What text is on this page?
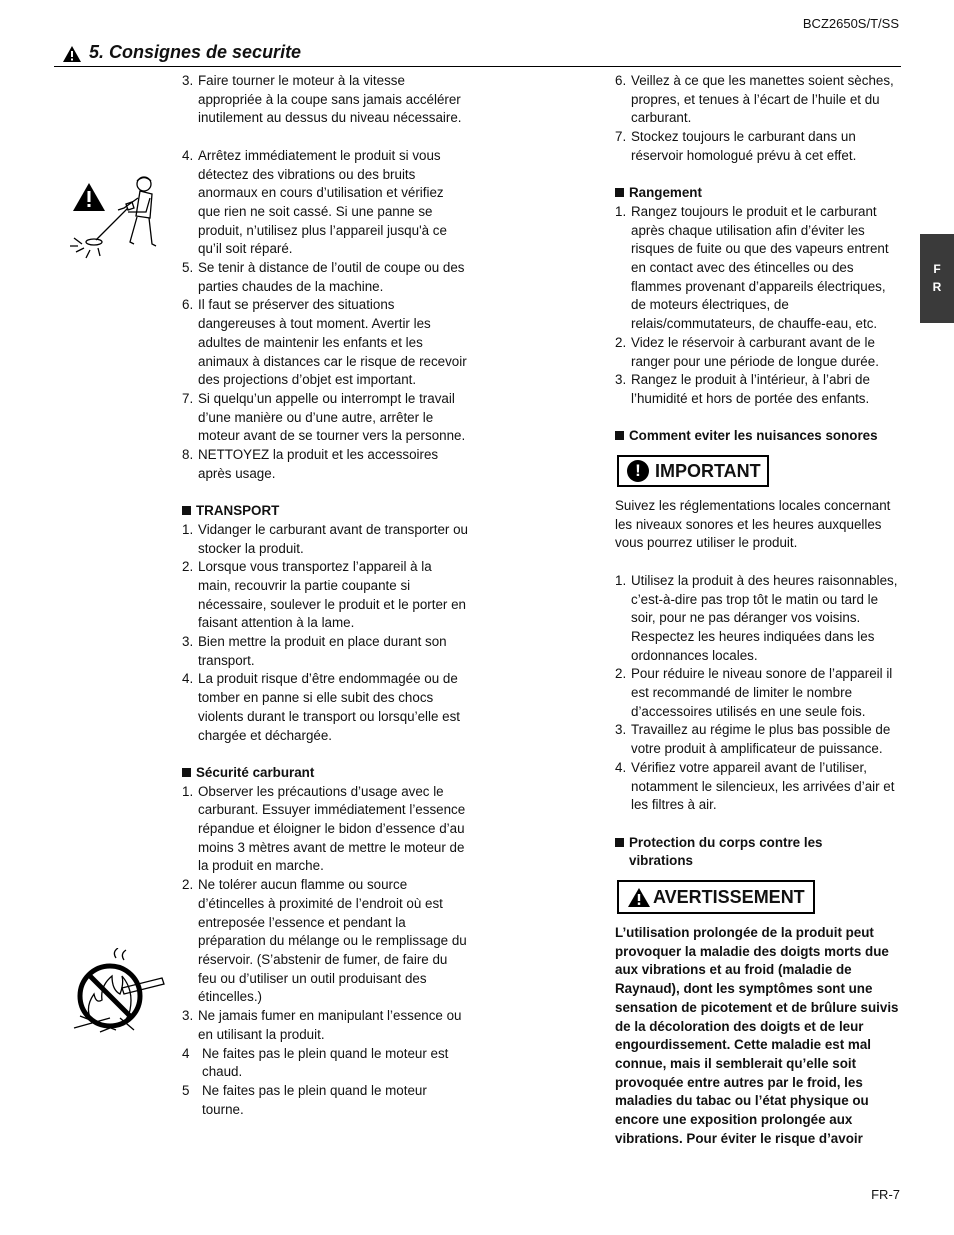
BCZ2650S/T/SS
5. Consignes de securite
F
R
3. Faire tourner le moteur à la vitesse appropriée à la coupe sans jamais accélérer inutilement au dessus du niveau nécessaire.
4. Arrêtez immédiatement le produit si vous détectez des vibrations ou des bruits anormaux en cours d’utilisation et vérifiez que rien ne soit cassé. Si une panne se produit, n’utilisez plus l’appareil jusqu'à ce qu’il soit réparé.
5. Se tenir à distance de l’outil de coupe ou des parties chaudes de la machine.
6. Il faut se préserver des situations dangereuses à tout moment. Avertir les adultes de maintenir les enfants et les animaux à distances car le risque de recevoir des projections d’objet est important.
7. Si quelqu’un appelle ou interrompt le travail d’une manière ou d’une autre, arrêter le moteur avant de se tourner vers la personne.
8. NETTOYEZ la produit et les accessoires après usage.
TRANSPORT
1. Vidanger le carburant avant de transporter ou stocker la produit.
2. Lorsque vous transportez l’appareil à la main, recouvrir la partie coupante si nécessaire, soulever le produit et le porter en faisant attention à la lame.
3. Bien mettre la produit en place durant son transport.
4. La produit risque d’être endommagée ou de tomber en panne si elle subit des chocs violents durant le transport ou lorsqu’elle est chargée et déchargée.
Sécurité carburant
1. Observer les précautions d’usage avec le carburant. Essuyer immédiatement l’essence répandue et éloigner le bidon d’essence d’au moins 3 mètres avant de mettre le moteur de la produit en marche.
2. Ne tolérer aucun flamme ou source d’étincelles à proximité de l’endroit où est entreposée l’essence et pendant la préparation du mélange ou le remplissage du réservoir. (S’abstenir de fumer, de faire du feu ou d’utiliser un outil produisant des étincelles.)
3. Ne jamais fumer en manipulant l’essence ou en utilisant la produit.
4 Ne faites pas le plein quand le moteur est chaud.
5 Ne faites pas le plein quand le moteur tourne.
6. Veillez à ce que les manettes soient sèches, propres, et tenues à l’écart de l’huile et du carburant.
7. Stockez toujours le carburant dans un réservoir homologué prévu à cet effet.
Rangement
1. Rangez toujours le produit et le carburant après chaque utilisation afin d’éviter les risques de fuite ou que des vapeurs entrent en contact avec des étincelles ou des flammes provenant d’appareils électriques, de moteurs électriques, de relais/commutateurs, de chauffe-eau, etc.
2. Videz le réservoir à carburant avant de le ranger pour une période de longue durée.
3. Rangez le produit à l’intérieur, à l’abri de l’humidité et hors de portée des enfants.
Comment eviter les nuisances sonores
! IMPORTANT
Suivez les réglementations locales concernant les niveaux sonores et les heures auxquelles vous pourrez utiliser le produit.
1. Utilisez la produit à des heures raisonnables, c’est-à-dire pas trop tôt le matin ou tard le soir, pour ne pas déranger vos voisins. Respectez les heures indiquées dans les ordonnances locales.
2. Pour réduire le niveau sonore de l’appareil il est recommandé de limiter le nombre d’accessoires utilisés en une seule fois.
3. Travaillez au régime le plus bas possible de votre produit à amplificateur de puissance.
4. Vérifiez votre appareil avant de l’utiliser, notamment le silencieux, les arrivées d’air et les filtres à air.
Protection du corps contre les vibrations
AVERTISSEMENT
L’utilisation prolongée de la produit peut provoquer la maladie des doigts morts due aux vibrations et au froid (maladie de Raynaud), dont les symptômes sont une sensation de picotement et de brûlure suivis de la décoloration des doigts et de leur engourdissement. Cette maladie est mal connue, mais il semblerait qu’elle soit provoquée entre autres par le froid, les maladies du tabac ou l’état physique ou encore une exposition prolongée aux vibrations. Pour éviter le risque d’avoir
FR-7
